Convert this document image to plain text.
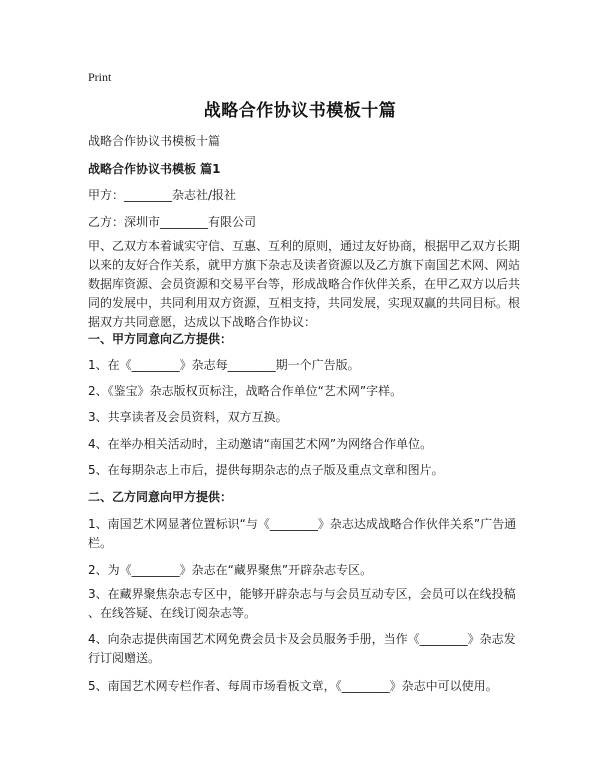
Print
战略合作协议书模板十篇
战略合作协议书模板十篇
战略合作协议书模板 篇1
甲方：________杂志社/报社
乙方：深圳市________有限公司
甲、乙双方本着诚实守信、互惠、互利的原则，通过友好协商，根据甲乙双方长期
以来的友好合作关系，就甲方旗下杂志及读者资源以及乙方旗下南国艺术网、网站
数据库资源、会员资源和交易平台等，形成战略合作伙伴关系，在甲乙双方以后共
同的发展中，共同利用双方资源，互相支持，共同发展，实现双赢的共同目标。根
据双方共同意愿，达成以下战略合作协议：
一、甲方同意向乙方提供：
1、在《________》杂志每________期一个广告版。
2、《鉴宝》杂志版权页标注，战略合作单位“艺术网”字样。
3、共享读者及会员资料，双方互换。
4、在举办相关活动时，主动邀请“南国艺术网”为网络合作单位。
5、在每期杂志上市后，提供每期杂志的点子版及重点文章和图片。
二、乙方同意向甲方提供：
1、南国艺术网显著位置标识“与《________》杂志达成战略合作伙伴关系”广告通
栏。
2、为《________》杂志在“藏界聚焦”开辟杂志专区。
3、在藏界聚焦杂志专区中，能够开辟杂志与与会员互动专区，会员可以在线投稿
、在线答疑、在线订阅杂志等。
4、向杂志提供南国艺术网免费会员卡及会员服务手册，当作《________》杂志发
行订阅赠送。
5、南国艺术网专栏作者、每周市场看板文章，《________》杂志中可以使用。
